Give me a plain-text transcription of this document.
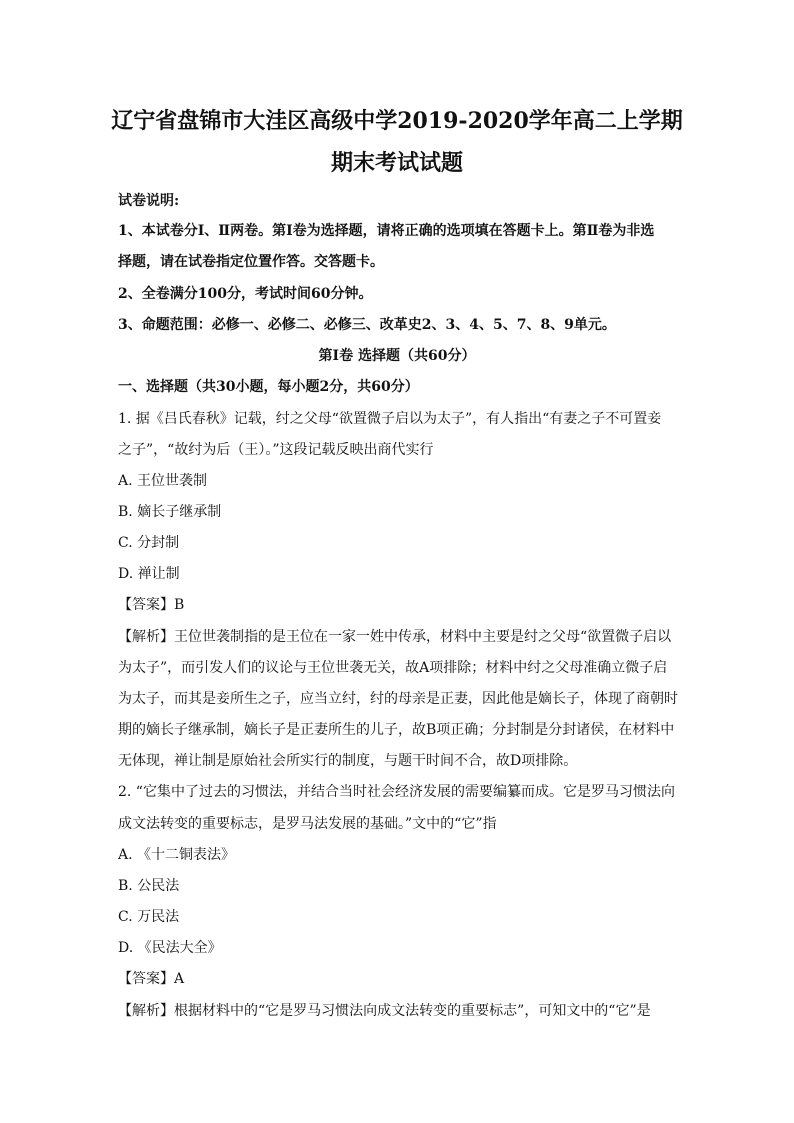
辽宁省盘锦市大洼区高级中学2019-2020学年高二上学期
期末考试试题
试卷说明:
1、本试卷分Ⅰ、Ⅱ两卷。第Ⅰ卷为选择题，请将正确的选项填在答题卡上。第Ⅱ卷为非选
择题，请在试卷指定位置作答。交答题卡。
2、全卷满分100分，考试时间60分钟。
3、命题范围：必修一、必修二、必修三、改革史2、3、4、5、7、8、9单元。
第Ⅰ卷 选择题（共60分）
一、选择题（共30小题，每小题2分，共60分）
1. 据《吕氏春秋》记载，纣之父母“欲置微子启以为太子”，有人指出“有妻之子不可置妾
之子”，“故纣为后（王）。”这段记载反映出商代实行
A. 王位世袭制
B. 嫡长子继承制
C. 分封制
D. 禅让制
【答案】B
【解析】王位世袭制指的是王位在一家一姓中传承，材料中主要是纣之父母“欲置微子启以
为太子”，而引发人们的议论与王位世袭无关，故A项排除；材料中纣之父母准确立微子启
为太子，而其是妾所生之子，应当立纣，纣的母亲是正妻，因此他是嫡长子，体现了商朝时
期的嫡长子继承制，嫡长子是正妻所生的儿子，故B项正确；分封制是分封诸侯，在材料中
无体现，禅让制是原始社会所实行的制度，与题干时间不合，故D项排除。
2. “它集中了过去的习惯法，并结合当时社会经济发展的需要编纂而成。它是罗马习惯法向
成文法转变的重要标志，是罗马法发展的基础。”文中的“它”指
A. 《十二铜表法》
B. 公民法
C. 万民法
D. 《民法大全》
【答案】A
【解析】根据材料中的“它是罗马习惯法向成文法转变的重要标志”，可知文中的“它”是
